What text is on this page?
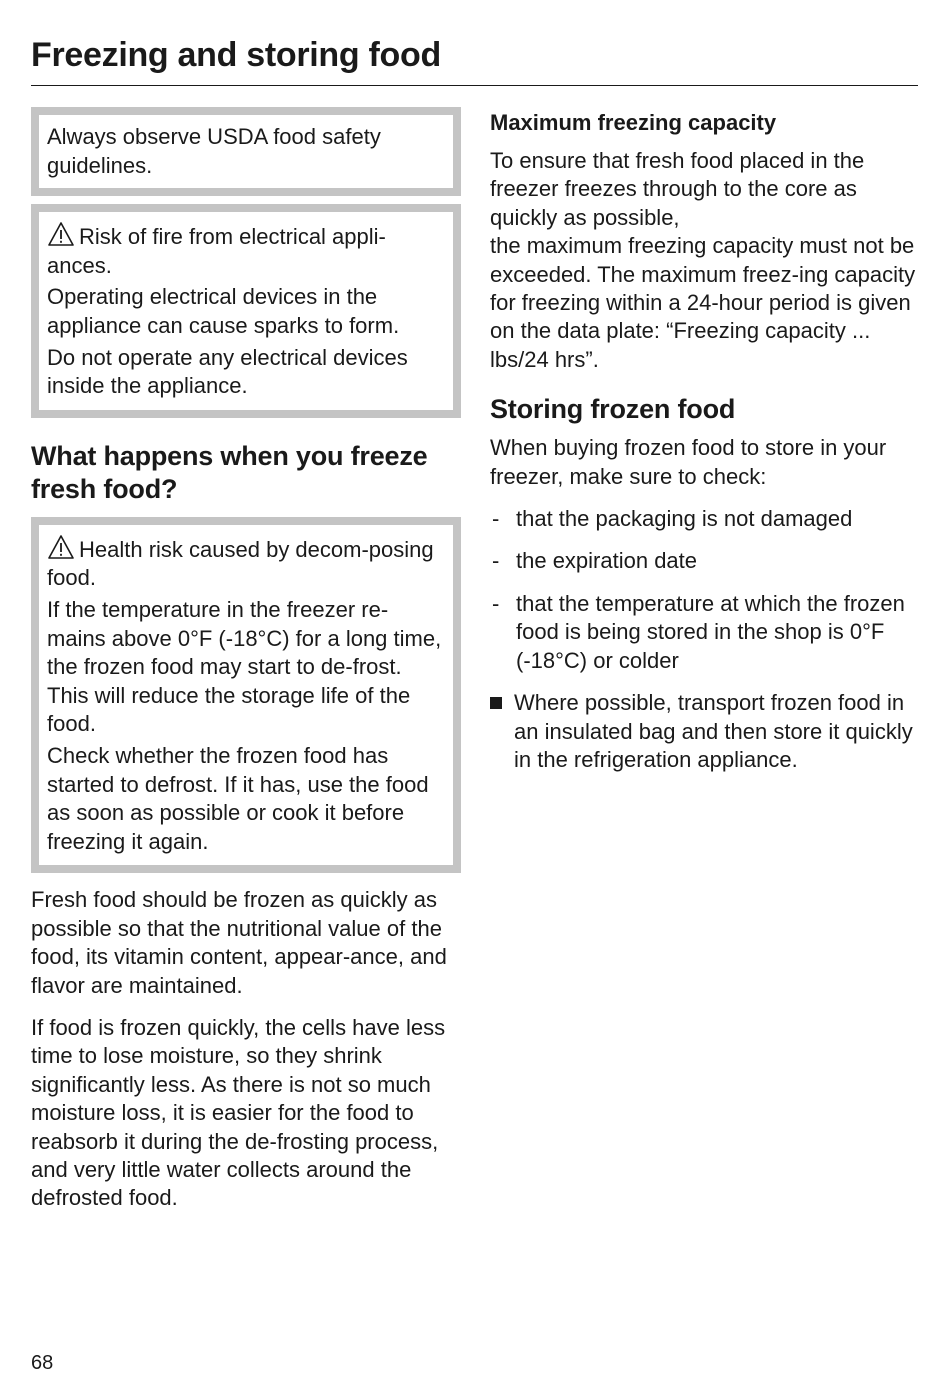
Freezing and storing food

Always observe USDA food safety guidelines.

Risk of fire from electrical appli-ances.

Operating electrical devices in the appliance can cause sparks to form.

Do not operate any electrical devices inside the appliance.

What happens when you freeze fresh food?

Health risk caused by decom-posing food.

If the temperature in the freezer re-mains above 0°F (-18°C) for a long time, the frozen food may start to de-frost. This will reduce the storage life of the food.

Check whether the frozen food has started to defrost. If it has, use the food as soon as possible or cook it before freezing it again.

Fresh food should be frozen as quickly as possible so that the nutritional value of the food, its vitamin content, appear-ance, and flavor are maintained.

If food is frozen quickly, the cells have less time to lose moisture, so they shrink significantly less. As there is not so much moisture loss, it is easier for the food to reabsorb it during the de-frosting process, and very little water collects around the defrosted food.

Maximum freezing capacity

To ensure that fresh food placed in the freezer freezes through to the core as quickly as possible,

the maximum freezing capacity must not be exceeded. The maximum freez-ing capacity for freezing within a 24-hour period is given on the data plate: “Freezing capacity ... lbs/24 hrs”.

Storing frozen food

When buying frozen food to store in your freezer, make sure to check:

- that the packaging is not damaged
- the expiration date
- that the temperature at which the frozen food is being stored in the shop is 0°F (-18°C) or colder

Where possible, transport frozen food in an insulated bag and then store it quickly in the refrigeration appliance.

68
